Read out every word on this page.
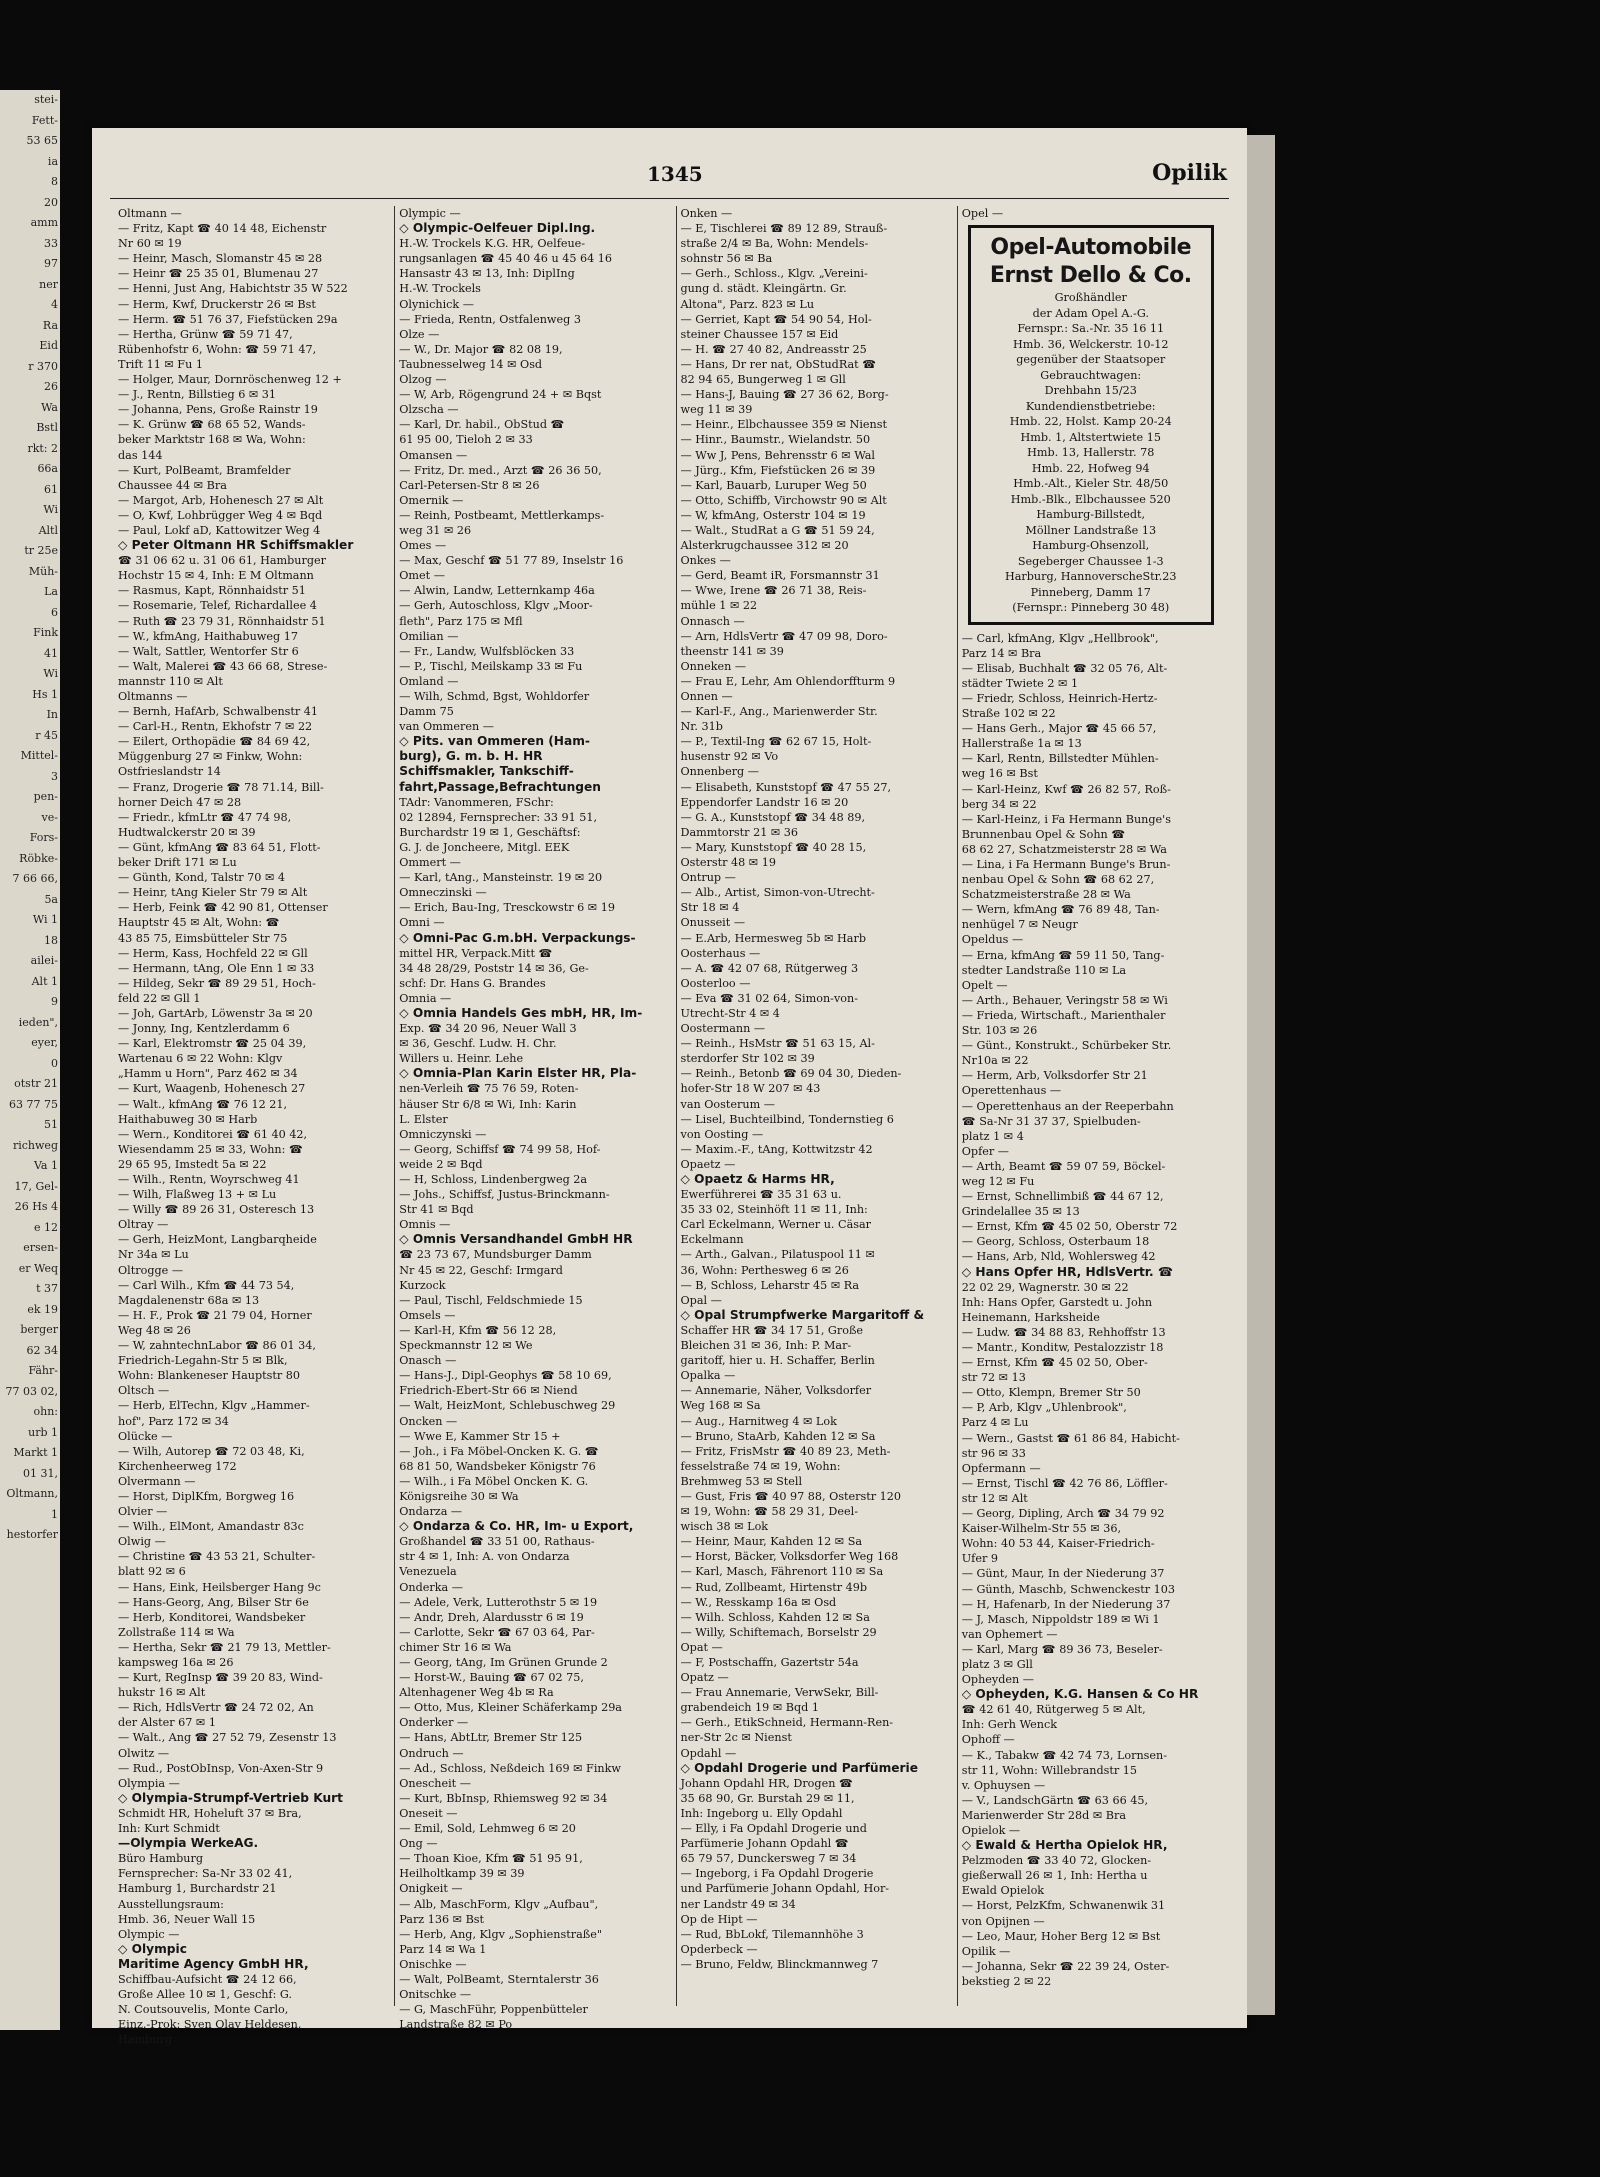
stei-
Fett-
53 65
ia
8
20
amm
33
97
ner
4
Ra
Eid
r 370
26
Wa
Bstl
rkt: 2
66a
61
Wi
Altl
tr 25e
Müh-
La
6
Fink
41
Wi
Hs 1
In
r 45
Mittel-
3
pen-
ve-
Fors-
Röbke-
7 66 66,
5a
Wi 1
18
ailei-
Alt 1
9
ieden",
eyer,
0
otstr 21
63 77 75
51
richweg
Va 1
17, Gel-
26 Hs 4
e 12
ersen-
er Weq
t 37
ek 19
berger
62 34
Fähr-
77 03 02,
ohn:
urb 1
Markt 1
01 31,
Oltmann,
1
hestorfer
1345	Opilik
Oltmann —
— Fritz, Kapt ☎ 40 14 48, Eichenstr
Nr 60 ✉ 19
— Heinr, Masch, Slomanstr 45 ✉ 28
— Heinr ☎ 25 35 01, Blumenau 27
— Henni, Just Ang, Habichtstr 35 W 522
— Herm, Kwf, Druckerstr 26 ✉ Bst
— Herm. ☎ 51 76 37, Fiefstücken 29a
— Hertha, Grünw ☎ 59 71 47,
Rübenhofstr 6, Wohn: ☎ 59 71 47,
Trift 11 ✉ Fu 1
— Holger, Maur, Dornröschenweg 12 +
— J., Rentn, Billstieg 6 ✉ 31
— Johanna, Pens, Große Rainstr 19
— K. Grünw ☎ 68 65 52, Wands-
beker Marktstr 168 ✉ Wa, Wohn:
das 144
— Kurt, PolBeamt, Bramfelder
Chaussee 44 ✉ Bra
— Margot, Arb, Hohenesch 27 ✉ Alt
— O, Kwf, Lohbrügger Weg 4 ✉ Bqd
— Paul, Lokf aD, Kattowitzer Weg 4
◇ Peter Oltmann HR Schiffsmakler
☎ 31 06 62 u. 31 06 61, Hamburger
Hochstr 15 ✉ 4, Inh: E M Oltmann
— Rasmus, Kapt, Rönnhaidstr 51
— Rosemarie, Telef, Richardallee 4
— Ruth ☎ 23 79 31, Rönnhaidstr 51
— W., kfmAng, Haithabuweg 17
— Walt, Sattler, Wentorfer Str 6
— Walt, Malerei ☎ 43 66 68, Strese-
mannstr 110 ✉ Alt
Oltmanns —
— Bernh, HafArb, Schwalbenstr 41
— Carl-H., Rentn, Ekhofstr 7 ✉ 22
— Eilert, Orthopädie ☎ 84 69 42,
Müggenburg 27 ✉ Finkw, Wohn:
Ostfrieslandstr 14
— Franz, Drogerie ☎ 78 71.14, Bill-
horner Deich 47 ✉ 28
— Friedr., kfmLtr ☎ 47 74 98,
Hudtwalckerstr 20 ✉ 39
— Günt, kfmAng ☎ 83 64 51, Flott-
beker Drift 171 ✉ Lu
— Günth, Kond, Talstr 70 ✉ 4
— Heinr, tAng Kieler Str 79 ✉ Alt
— Herb, Feink ☎ 42 90 81, Ottenser
Hauptstr 45 ✉ Alt, Wohn: ☎
43 85 75, Eimsbütteler Str 75
— Herm, Kass, Hochfeld 22 ✉ Gll
— Hermann, tAng, Ole Enn 1 ✉ 33
— Hildeg, Sekr ☎ 89 29 51, Hoch-
feld 22 ✉ Gll 1
— Joh, GartArb, Löwenstr 3a ✉ 20
— Jonny, Ing, Kentzlerdamm 6
— Karl, Elektromstr ☎ 25 04 39,
Wartenau 6 ✉ 22 Wohn: Klgv
„Hamm u Horn", Parz 462 ✉ 34
— Kurt, Waagenb, Hohenesch 27
— Walt., kfmAng ☎ 76 12 21,
Haithabuweg 30 ✉ Harb
— Wern., Konditorei ☎ 61 40 42,
Wiesendamm 25 ✉ 33, Wohn: ☎
29 65 95, Imstedt 5a ✉ 22
— Wilh., Rentn, Woyrschweg 41
— Wilh, Flaßweg 13 + ✉ Lu
— Willy ☎ 89 26 31, Osteresch 13
Oltray —
— Gerh, HeizMont, Langbarqheide
Nr 34a ✉ Lu
Oltrogge —
— Carl Wilh., Kfm ☎ 44 73 54,
Magdalenenstr 68a ✉ 13
— H. F., Prok ☎ 21 79 04, Horner
Weg 48 ✉ 26
— W, zahntechnLabor ☎ 86 01 34,
Friedrich-Legahn-Str 5 ✉ Blk,
Wohn: Blankeneser Hauptstr 80
Oltsch —
— Herb, ElTechn, Klgv „Hammer-
hof", Parz 172 ✉ 34
Olücke —
— Wilh, Autorep ☎ 72 03 48, Ki,
Kirchenheerweg 172
Olvermann —
— Horst, DiplKfm, Borgweg 16
Olvier —
— Wilh., ElMont, Amandastr 83c
Olwig —
— Christine ☎ 43 53 21, Schulter-
blatt 92 ✉ 6
— Hans, Eink, Heilsberger Hang 9c
— Hans-Georg, Ang, Bilser Str 6e
— Herb, Konditorei, Wandsbeker
Zollstraße 114 ✉ Wa
— Hertha, Sekr ☎ 21 79 13, Mettler-
kampsweg 16a ✉ 26
— Kurt, RegInsp ☎ 39 20 83, Wind-
hukstr 16 ✉ Alt
— Rich, HdlsVertr ☎ 24 72 02, An
der Alster 67 ✉ 1
— Walt., Ang ☎ 27 52 79, Zesenstr 13
Olwitz —
— Rud., PostObInsp, Von-Axen-Str 9
Olympia —
◇ Olympia-Strumpf-Vertrieb Kurt
Schmidt HR, Hoheluft 37 ✉ Bra,
Inh: Kurt Schmidt
—Olympia WerkeAG.
Büro Hamburg
Fernsprecher: Sa-Nr 33 02 41,
Hamburg 1, Burchardstr 21
Ausstellungsraum:
Hmb. 36, Neuer Wall 15
Olympic —
◇ Olympic
Maritime Agency GmbH HR,
Schiffbau-Aufsicht ☎ 24 12 66,
Große Allee 10 ✉ 1, Geschf: G.
N. Coutsouvelis, Monte Carlo,
Einz.-Prok: Sven Olav Heldesen,
Hamburg
Olympic —
◇ Olympic-Oelfeuer Dipl.Ing.
H.-W. Trockels K.G. HR, Oelfeue-
rungsanlagen ☎ 45 40 46 u 45 64 16
Hansastr 43 ✉ 13, Inh: DiplIng
H.-W. Trockels
Olynichick —
— Frieda, Rentn, Ostfalenweg 3
Olze —
— W., Dr. Major ☎ 82 08 19,
Taubnesselweg 14 ✉ Osd
Olzog —
— W, Arb, Rögengrund 24 + ✉ Bqst
Olzscha —
— Karl, Dr. habil., ObStud ☎
61 95 00, Tieloh 2 ✉ 33
Omansen —
— Fritz, Dr. med., Arzt ☎ 26 36 50,
Carl-Petersen-Str 8 ✉ 26
Omernik —
— Reinh, Postbeamt, Mettlerkamps-
weg 31 ✉ 26
Omes —
— Max, Geschf ☎ 51 77 89, Inselstr 16
Omet —
— Alwin, Landw, Letternkamp 46a
— Gerh, Autoschloss, Klgv „Moor-
fleth", Parz 175 ✉ Mfl
Omilian —
— Fr., Landw, Wulfsblöcken 33
— P., Tischl, Meilskamp 33 ✉ Fu
Omland —
— Wilh, Schmd, Bgst, Wohldorfer
Damm 75
van Ommeren —
◇ Pits. van Ommeren (Ham-
burg), G. m. b. H. HR
Schiffsmakler, Tankschiff-
fahrt,Passage,Befrachtungen
TAdr: Vanommeren, FSchr:
02 12894, Fernsprecher: 33 91 51,
Burchardstr 19 ✉ 1, Geschäftsf:
G. J. de Joncheere, Mitgl. EEK
Ommert —
— Karl, tAng., Mansteinstr. 19 ✉ 20
Omneczinski —
— Erich, Bau-Ing, Tresckowstr 6 ✉ 19
Omni —
◇ Omni-Pac G.m.bH. Verpackungs-
mittel HR, Verpack.Mitt ☎
34 48 28/29, Poststr 14 ✉ 36, Ge-
schf: Dr. Hans G. Brandes
Omnia —
◇ Omnia Handels Ges mbH, HR, Im-
Exp. ☎ 34 20 96, Neuer Wall 3
✉ 36, Geschf. Ludw. H. Chr.
Willers u. Heinr. Lehe
◇ Omnia-Plan Karin Elster HR, Pla-
nen-Verleih ☎ 75 76 59, Roten-
häuser Str 6/8 ✉ Wi, Inh: Karin
L. Elster
Omniczynski —
— Georg, Schiffsf ☎ 74 99 58, Hof-
weide 2 ✉ Bqd
— H, Schloss, Lindenbergweg 2a
— Johs., Schiffsf, Justus-Brinckmann-
Str 41 ✉ Bqd
Omnis —
◇ Omnis Versandhandel GmbH HR
☎ 23 73 67, Mundsburger Damm
Nr 45 ✉ 22, Geschf: Irmgard
Kurzock
— Paul, Tischl, Feldschmiede 15
Omsels —
— Karl-H, Kfm ☎ 56 12 28,
Speckmannstr 12 ✉ We
Onasch —
— Hans-J., Dipl-Geophys ☎ 58 10 69,
Friedrich-Ebert-Str 66 ✉ Niend
— Walt, HeizMont, Schlebuschweg 29
Oncken —
— Wwe E, Kammer Str 15 +
— Joh., i Fa Möbel-Oncken K. G. ☎
68 81 50, Wandsbeker Königstr 76
— Wilh., i Fa Möbel Oncken K. G.
Königsreihe 30 ✉ Wa
Ondarza —
◇ Ondarza & Co. HR, Im- u Export,
Großhandel ☎ 33 51 00, Rathaus-
str 4 ✉ 1, Inh: A. von Ondarza
Venezuela
Onderka —
— Adele, Verk, Lutterothstr 5 ✉ 19
— Andr, Dreh, Alardusstr 6 ✉ 19
— Carlotte, Sekr ☎ 67 03 64, Par-
chimer Str 16 ✉ Wa
— Georg, tAng, Im Grünen Grunde 2
— Horst-W., Bauing ☎ 67 02 75,
Altenhagener Weg 4b ✉ Ra
— Otto, Mus, Kleiner Schäferkamp 29a
Onderker —
— Hans, AbtLtr, Bremer Str 125
Ondruch —
— Ad., Schloss, Neßdeich 169 ✉ Finkw
Onescheit —
— Kurt, BbInsp, Rhiemsweg 92 ✉ 34
Oneseit —
— Emil, Sold, Lehmweg 6 ✉ 20
Ong —
— Thoan Kioe, Kfm ☎ 51 95 91,
Heilholtkamp 39 ✉ 39
Onigkeit —
— Alb, MaschForm, Klgv „Aufbau",
Parz 136 ✉ Bst
— Herb, Ang, Klgv „Sophienstraße"
Parz 14 ✉ Wa 1
Onischke —
— Walt, PolBeamt, Sterntalerstr 36
Onitschke —
— G, MaschFühr, Poppenbütteler
Landstraße 82 ✉ Po
Onken —
— E, Tischlerei ☎ 89 12 89, Strauß-
straße 2/4 ✉ Ba, Wohn: Mendels-
sohnstr 56 ✉ Ba
— Gerh., Schloss., Klgv. „Vereini-
gung d. städt. Kleingärtn. Gr.
Altona", Parz. 823 ✉ Lu
— Gerriet, Kapt ☎ 54 90 54, Hol-
steiner Chaussee 157 ✉ Eid
— H. ☎ 27 40 82, Andreasstr 25
— Hans, Dr rer nat, ObStudRat ☎
82 94 65, Bungerweg 1 ✉ Gll
— Hans-J, Bauing ☎ 27 36 62, Borg-
weg 11 ✉ 39
— Heinr., Elbchaussee 359 ✉ Nienst
— Hinr., Baumstr., Wielandstr. 50
— Ww J, Pens, Behrensstr 6 ✉ Wal
— Jürg., Kfm, Fiefstücken 26 ✉ 39
— Karl, Bauarb, Luruper Weg 50
— Otto, Schiffb, Virchowstr 90 ✉ Alt
— W, kfmAng, Osterstr 104 ✉ 19
— Walt., StudRat a G ☎ 51 59 24,
Alsterkrugchaussee 312 ✉ 20
Onkes —
— Gerd, Beamt iR, Forsmannstr 31
— Wwe, Irene ☎ 26 71 38, Reis-
mühle 1 ✉ 22
Onnasch —
— Arn, HdlsVertr ☎ 47 09 98, Doro-
theenstr 141 ✉ 39
Onneken —
— Frau E, Lehr, Am Ohlendorffturm 9
Onnen —
— Karl-F., Ang., Marienwerder Str.
Nr. 31b
— P., Textil-Ing ☎ 62 67 15, Holt-
husenstr 92 ✉ Vo
Onnenberg —
— Elisabeth, Kunststopf ☎ 47 55 27,
Eppendorfer Landstr 16 ✉ 20
— G. A., Kunststopf ☎ 34 48 89,
Dammtorstr 21 ✉ 36
— Mary, Kunststopf ☎ 40 28 15,
Osterstr 48 ✉ 19
Ontrup —
— Alb., Artist, Simon-von-Utrecht-
Str 18 ✉ 4
Onusseit —
— E.Arb, Hermesweg 5b ✉ Harb
Oosterhaus —
— A. ☎ 42 07 68, Rütgerweg 3
Oosterloo —
— Eva ☎ 31 02 64, Simon-von-
Utrecht-Str 4 ✉ 4
Oostermann —
— Reinh., HsMstr ☎ 51 63 15, Al-
sterdorfer Str 102 ✉ 39
— Reinh., Betonb ☎ 69 04 30, Dieden-
hofer-Str 18 W 207 ✉ 43
van Oosterum —
— Lisel, Buchteilbind, Tondernstieg 6
von Oosting —
— Maxim.-F., tAng, Kottwitzstr 42
Opaetz —
◇ Opaetz & Harms HR,
Ewerführerei ☎ 35 31 63 u.
35 33 02, Steinhöft 11 ✉ 11, Inh:
Carl Eckelmann, Werner u. Cäsar
Eckelmann
— Arth., Galvan., Pilatuspool 11 ✉
36, Wohn: Perthesweg 6 ✉ 26
— B, Schloss, Leharstr 45 ✉ Ra
Opal —
◇ Opal Strumpfwerke Margaritoff &
Schaffer HR ☎ 34 17 51, Große
Bleichen 31 ✉ 36, Inh: P. Mar-
garitoff, hier u. H. Schaffer, Berlin
Opalka —
— Annemarie, Näher, Volksdorfer
Weg 168 ✉ Sa
— Aug., Harnitweg 4 ✉ Lok
— Bruno, StaArb, Kahden 12 ✉ Sa
— Fritz, FrisMstr ☎ 40 89 23, Meth-
fesselstraße 74 ✉ 19, Wohn:
Brehmweg 53 ✉ Stell
— Gust, Fris ☎ 40 97 88, Osterstr 120
✉ 19, Wohn: ☎ 58 29 31, Deel-
wisch 38 ✉ Lok
— Heinr, Maur, Kahden 12 ✉ Sa
— Horst, Bäcker, Volksdorfer Weg 168
— Karl, Masch, Fährenort 110 ✉ Sa
— Rud, Zollbeamt, Hirtenstr 49b
— W., Resskamp 16a ✉ Osd
— Wilh. Schloss, Kahden 12 ✉ Sa
— Willy, Schiftemach, Borselstr 29
Opat —
— F, Postschaffn, Gazertstr 54a
Opatz —
— Frau Annemarie, VerwSekr, Bill-
grabendeich 19 ✉ Bqd 1
— Gerh., EtikSchneid, Hermann-Ren-
ner-Str 2c ✉ Nienst
Opdahl —
◇ Opdahl Drogerie und Parfümerie
Johann Opdahl HR, Drogen ☎
35 68 90, Gr. Burstah 29 ✉ 11,
Inh: Ingeborg u. Elly Opdahl
— Elly, i Fa Opdahl Drogerie und
Parfümerie Johann Opdahl ☎
65 79 57, Dunckersweg 7 ✉ 34
— Ingeborg, i Fa Opdahl Drogerie
und Parfümerie Johann Opdahl, Hor-
ner Landstr 49 ✉ 34
Op de Hipt —
— Rud, BbLokf, Tilemannhöhe 3
Opderbeck —
— Bruno, Feldw, Blinckmannweg 7
Opel —
Opel-Automobile
Ernst Dello & Co.
Großhändler
der Adam Opel A.-G.
Fernspr.: Sa.-Nr. 35 16 11
Hmb. 36, Welckerstr. 10-12
gegenüber der Staatsoper
Gebrauchtwagen:
Drehbahn 15/23
Kundendienstbetriebe:
Hmb. 22, Holst. Kamp 20-24
Hmb. 1, Altstertwiete 15
Hmb. 13, Hallerstr. 78
Hmb. 22, Hofweg 94
Hmb.-Alt., Kieler Str. 48/50
Hmb.-Blk., Elbchaussee 520
Hamburg-Billstedt,
Möllner Landstraße 13
Hamburg-Ohsenzoll,
Segeberger Chaussee 1-3
Harburg, HannoverscheStr.23
Pinneberg, Damm 17
(Fernspr.: Pinneberg 30 48)
— Carl, kfmAng, Klgv „Hellbrook",
Parz 14 ✉ Bra
— Elisab, Buchhalt ☎ 32 05 76, Alt-
städter Twiete 2 ✉ 1
— Friedr, Schloss, Heinrich-Hertz-
Straße 102 ✉ 22
— Hans Gerh., Major ☎ 45 66 57,
Hallerstraße 1a ✉ 13
— Karl, Rentn, Billstedter Mühlen-
weg 16 ✉ Bst
— Karl-Heinz, Kwf ☎ 26 82 57, Roß-
berg 34 ✉ 22
— Karl-Heinz, i Fa Hermann Bunge's
Brunnenbau Opel & Sohn ☎
68 62 27, Schatzmeisterstr 28 ✉ Wa
— Lina, i Fa Hermann Bunge's Brun-
nenbau Opel & Sohn ☎ 68 62 27,
Schatzmeisterstraße 28 ✉ Wa
— Wern, kfmAng ☎ 76 89 48, Tan-
nenhügel 7 ✉ Neugr
Opeldus —
— Erna, kfmAng ☎ 59 11 50, Tang-
stedter Landstraße 110 ✉ La
Opelt —
— Arth., Behauer, Veringstr 58 ✉ Wi
— Frieda, Wirtschaft., Marienthaler
Str. 103 ✉ 26
— Günt., Konstrukt., Schürbeker Str.
Nr10a ✉ 22
— Herm, Arb, Volksdorfer Str 21
Operettenhaus —
— Operettenhaus an der Reeperbahn
☎ Sa-Nr 31 37 37, Spielbuden-
platz 1 ✉ 4
Opfer —
— Arth, Beamt ☎ 59 07 59, Böckel-
weg 12 ✉ Fu
— Ernst, Schnellimbiß ☎ 44 67 12,
Grindelallee 35 ✉ 13
— Ernst, Kfm ☎ 45 02 50, Oberstr 72
— Georg, Schloss, Osterbaum 18
— Hans, Arb, Nld, Wohlersweg 42
◇ Hans Opfer HR, HdlsVertr. ☎
22 02 29, Wagnerstr. 30 ✉ 22
Inh: Hans Opfer, Garstedt u. John
Heinemann, Harksheide
— Ludw. ☎ 34 88 83, Rehhoffstr 13
— Mantr., Konditw, Pestalozzistr 18
— Ernst, Kfm ☎ 45 02 50, Ober-
str 72 ✉ 13
— Otto, Klempn, Bremer Str 50
— P, Arb, Klgv „Uhlenbrook",
Parz 4 ✉ Lu
— Wern., Gastst ☎ 61 86 84, Habicht-
str 96 ✉ 33
Opfermann —
— Ernst, Tischl ☎ 42 76 86, Löffler-
str 12 ✉ Alt
— Georg, Dipling, Arch ☎ 34 79 92
Kaiser-Wilhelm-Str 55 ✉ 36,
Wohn: 40 53 44, Kaiser-Friedrich-
Ufer 9
— Günt, Maur, In der Niederung 37
— Günth, Maschb, Schwenckestr 103
— H, Hafenarb, In der Niederung 37
— J, Masch, Nippoldstr 189 ✉ Wi 1
van Ophemert —
— Karl, Marg ☎ 89 36 73, Beseler-
platz 3 ✉ Gll
Opheyden —
◇ Opheyden, K.G. Hansen & Co HR
☎ 42 61 40, Rütgerweg 5 ✉ Alt,
Inh: Gerh Wenck
Ophoff —
— K., Tabakw ☎ 42 74 73, Lornsen-
str 11, Wohn: Willebrandstr 15
v. Ophuysen —
— V., LandschGärtn ☎ 63 66 45,
Marienwerder Str 28d ✉ Bra
Opielok —
◇ Ewald & Hertha Opielok HR,
Pelzmoden ☎ 33 40 72, Glocken-
gießerwall 26 ✉ 1, Inh: Hertha u
Ewald Opielok
— Horst, PelzKfm, Schwanenwik 31
von Opijnen —
— Leo, Maur, Hoher Berg 12 ✉ Bst
Opilik —
— Johanna, Sekr ☎ 22 39 24, Oster-
bekstieg 2 ✉ 22
